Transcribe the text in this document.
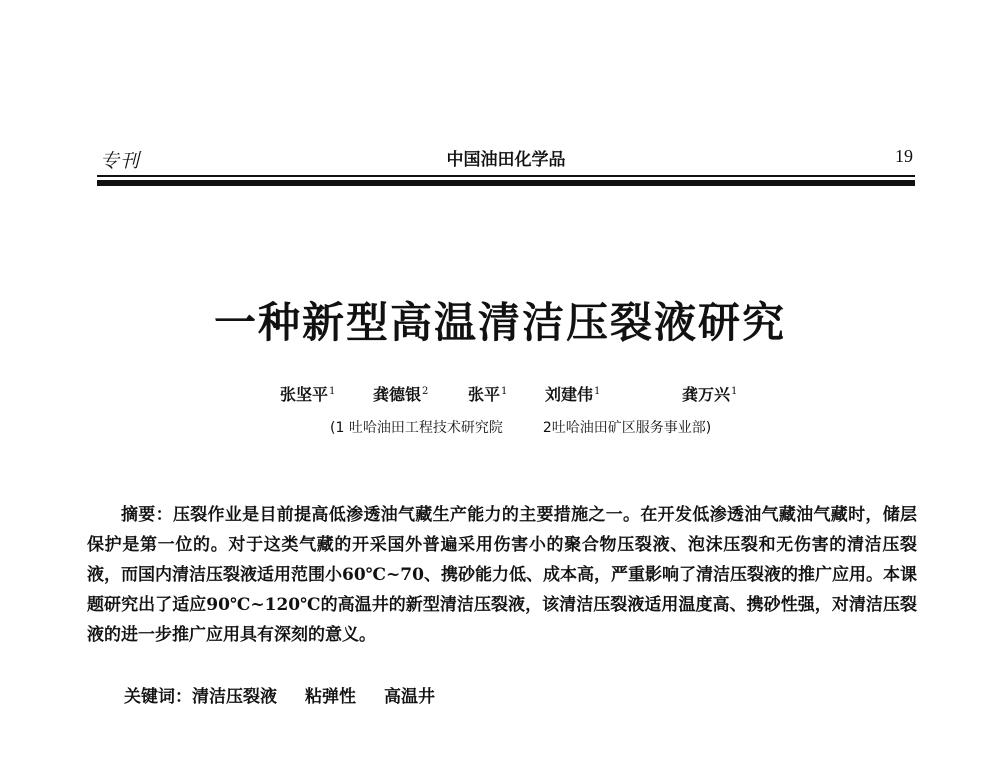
专刊	中国油田化学品	19
一种新型高温清洁压裂液研究
张坚平$^1$ 龚德银$^2$ 张平$^1$ 刘建伟$^1$	龚万兴$^1$
(1 吐哈油田工程技术研究院	2吐哈油田矿区服务事业部)
摘要：压裂作业是目前提高低渗透油气藏生产能力的主要措施之一。在开发低渗透油气藏油气藏时，储层保护是第一位的。对于这类气藏的开采国外普遍采用伤害小的聚合物压裂液、泡沫压裂和无伤害的清洁压裂液，而国内清洁压裂液适用范围小60℃~70、携砂能力低、成本高，严重影响了清洁压裂液的推广应用。本课题研究出了适应90℃~120℃的高温井的新型清洁压裂液，该清洁压裂液适用温度高、携砂性强，对清洁压裂液的进一步推广应用具有深刻的意义。
关键词：清洁压裂液 粘弹性 高温井
